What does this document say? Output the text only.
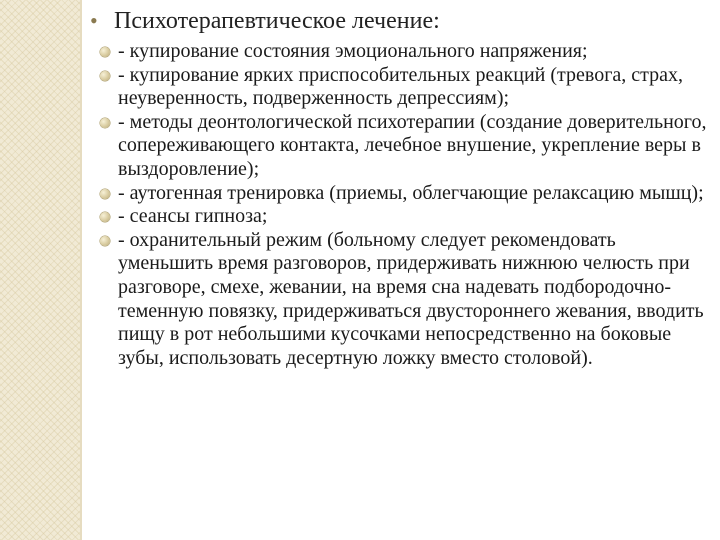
• Психотерапевтическое лечение:
- купирование состояния эмоционального напряжения;
- купирование ярких приспособительных реакций (тревога, страх, неуверенность, подверженность депрессиям);
- методы деонтологической психотерапии (создание доверительного, сопереживающего контакта, лечебное внушение, укрепление веры в выздоровление);
- аутогенная тренировка (приемы, облегчающие релаксацию мышц);
- сеансы гипноза;
- охранительный режим (больному следует рекомендовать уменьшить время разговоров, придерживать нижнюю челюсть при разговоре, смехе, жевании, на время сна надевать подбородочно-теменную повязку, придерживаться двустороннего жевания, вводить пищу в рот небольшими кусочками непосредственно на боковые зубы, использовать десертную ложку вместо столовой).
